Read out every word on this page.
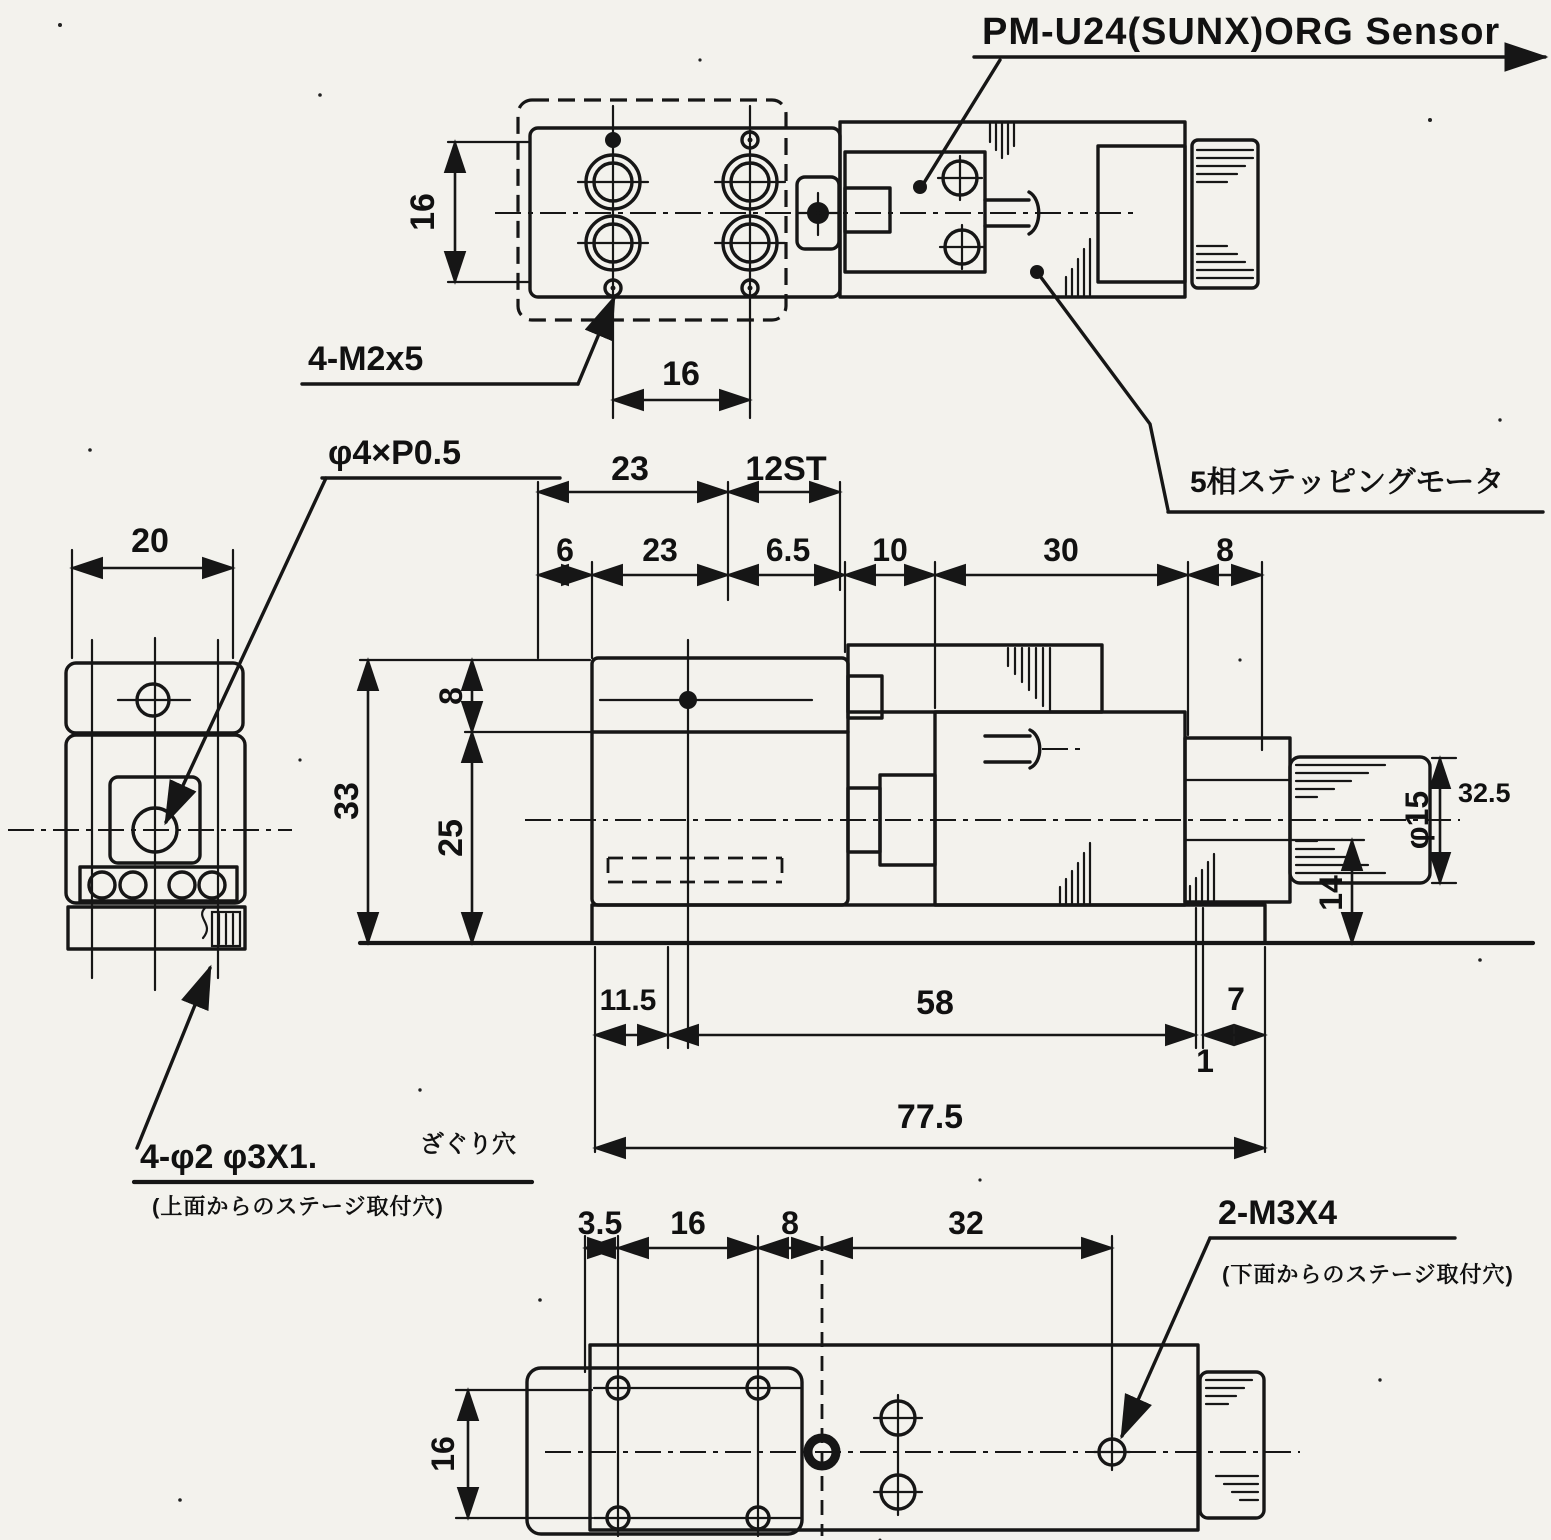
16
16
4-M2x5
PM-U24(SUNX)ORG Sensor
5相ステッピングモータ
20
φ4×P0.5
4-φ2 φ3X1.	ざぐり穴
(上面からのステージ取付穴)
23	12ST
6 23	6.5 10	30	8
33
8
25	φ15 32.5
14
11.5	58	7
1
77.5
3.5 16 8	32
16
2-M3X4
(下面からのステージ取付穴)
